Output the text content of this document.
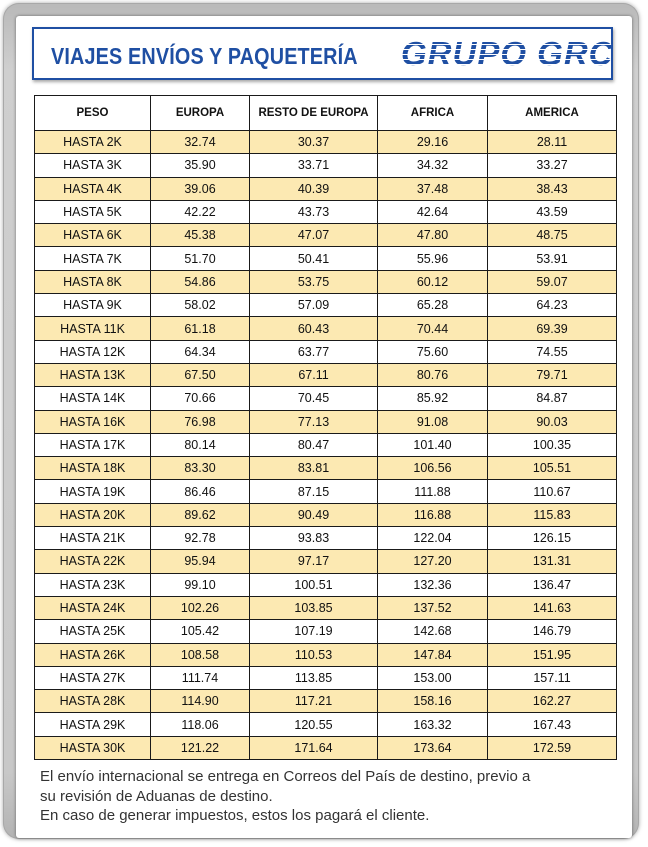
VIAJES ENVÍOS Y PAQUETERÍA GRUPO GRC
PESO	EUROPA	RESTO DE EUROPA	AFRICA	AMERICA
HASTA 2K	32.74	30.37	29.16	28.11
HASTA 3K	35.90	33.71	34.32	33.27
HASTA 4K	39.06	40.39	37.48	38.43
HASTA 5K	42.22	43.73	42.64	43.59
HASTA 6K	45.38	47.07	47.80	48.75
HASTA 7K	51.70	50.41	55.96	53.91
HASTA 8K	54.86	53.75	60.12	59.07
HASTA 9K	58.02	57.09	65.28	64.23
HASTA 11K	61.18	60.43	70.44	69.39
HASTA 12K	64.34	63.77	75.60	74.55
HASTA 13K	67.50	67.11	80.76	79.71
HASTA 14K	70.66	70.45	85.92	84.87
HASTA 16K	76.98	77.13	91.08	90.03
HASTA 17K	80.14	80.47	101.40	100.35
HASTA 18K	83.30	83.81	106.56	105.51
HASTA 19K	86.46	87.15	111.88	110.67
HASTA 20K	89.62	90.49	116.88	115.83
HASTA 21K	92.78	93.83	122.04	126.15
HASTA 22K	95.94	97.17	127.20	131.31
HASTA 23K	99.10	100.51	132.36	136.47
HASTA 24K	102.26	103.85	137.52	141.63
HASTA 25K	105.42	107.19	142.68	146.79
HASTA 26K	108.58	110.53	147.84	151.95
HASTA 27K	111.74	113.85	153.00	157.11
HASTA 28K	114.90	117.21	158.16	162.27
HASTA 29K	118.06	120.55	163.32	167.43
HASTA 30K	121.22	171.64	173.64	172.59
El envío internacional se entrega en Correos del País de destino, previo a
su revisión de Aduanas de destino.
En caso de generar impuestos, estos los pagará el cliente.
